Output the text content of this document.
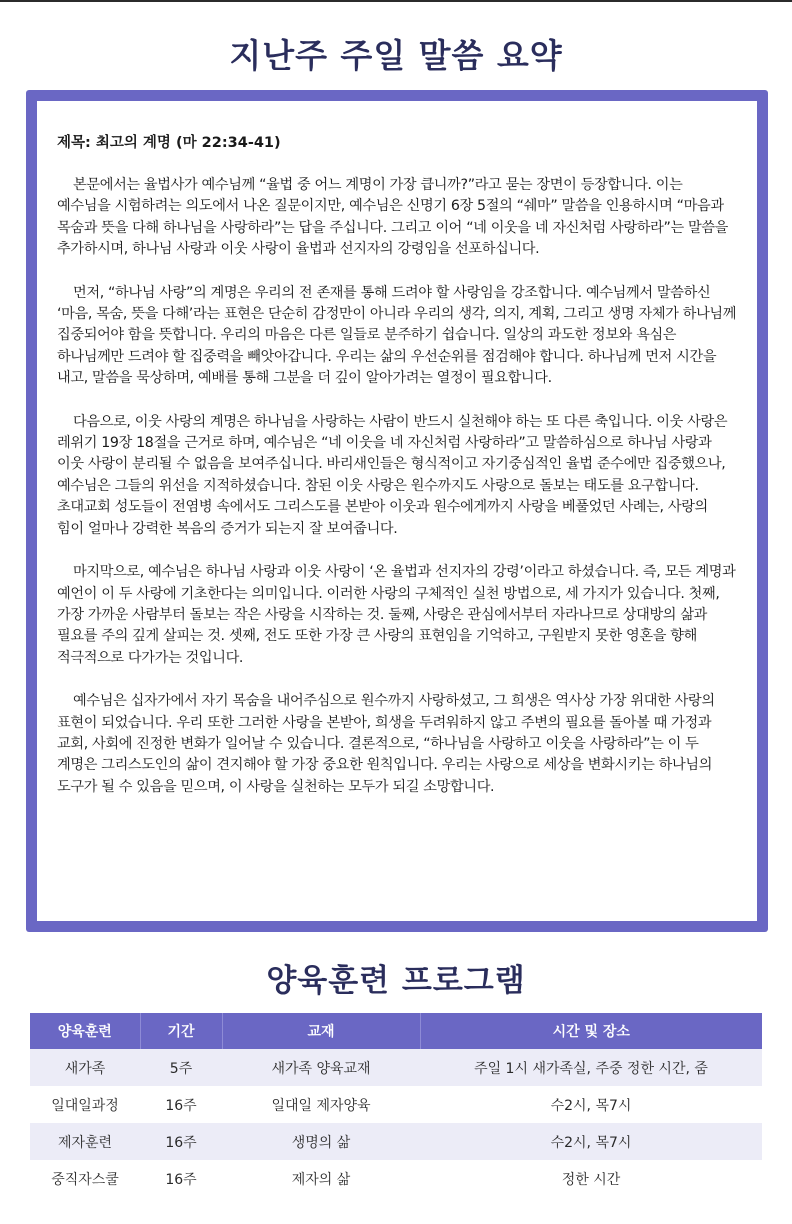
지난주 주일 말씀 요약

제목: 최고의 계명 (마 22:34-41)

본문에서는 율법사가 예수님께 “율법 중 어느 계명이 가장 큽니까?”라고 묻는 장면이 등장합니다. 이는 예수님을 시험하려는 의도에서 나온 질문이지만, 예수님은 신명기 6장 5절의 “쉐마” 말씀을 인용하시며 “마음과 목숨과 뜻을 다해 하나님을 사랑하라”는 답을 주십니다. 그리고 이어 “네 이웃을 네 자신처럼 사랑하라”는 말씀을 추가하시며, 하나님 사랑과 이웃 사랑이 율법과 선지자의 강령임을 선포하십니다.

먼저, “하나님 사랑”의 계명은 우리의 전 존재를 통해 드려야 할 사랑임을 강조합니다. 예수님께서 말씀하신 ‘마음, 목숨, 뜻을 다해’라는 표현은 단순히 감정만이 아니라 우리의 생각, 의지, 계획, 그리고 생명 자체가 하나님께 집중되어야 함을 뜻합니다. 우리의 마음은 다른 일들로 분주하기 쉽습니다. 일상의 과도한 정보와 욕심은 하나님께만 드려야 할 집중력을 빼앗아갑니다. 우리는 삶의 우선순위를 점검해야 합니다. 하나님께 먼저 시간을 내고, 말씀을 묵상하며, 예배를 통해 그분을 더 깊이 알아가려는 열정이 필요합니다.

다음으로, 이웃 사랑의 계명은 하나님을 사랑하는 사람이 반드시 실천해야 하는 또 다른 축입니다. 이웃 사랑은 레위기 19장 18절을 근거로 하며, 예수님은 “네 이웃을 네 자신처럼 사랑하라”고 말씀하심으로 하나님 사랑과 이웃 사랑이 분리될 수 없음을 보여주십니다. 바리새인들은 형식적이고 자기중심적인 율법 준수에만 집중했으나, 예수님은 그들의 위선을 지적하셨습니다. 참된 이웃 사랑은 원수까지도 사랑으로 돌보는 태도를 요구합니다. 초대교회 성도들이 전염병 속에서도 그리스도를 본받아 이웃과 원수에게까지 사랑을 베풀었던 사례는, 사랑의 힘이 얼마나 강력한 복음의 증거가 되는지 잘 보여줍니다.

마지막으로, 예수님은 하나님 사랑과 이웃 사랑이 ‘온 율법과 선지자의 강령’이라고 하셨습니다. 즉, 모든 계명과 예언이 이 두 사랑에 기초한다는 의미입니다. 이러한 사랑의 구체적인 실천 방법으로, 세 가지가 있습니다. 첫째, 가장 가까운 사람부터 돌보는 작은 사랑을 시작하는 것. 둘째, 사랑은 관심에서부터 자라나므로 상대방의 삶과 필요를 주의 깊게 살피는 것. 셋째, 전도 또한 가장 큰 사랑의 표현임을 기억하고, 구원받지 못한 영혼을 향해 적극적으로 다가가는 것입니다.

예수님은 십자가에서 자기 목숨을 내어주심으로 원수까지 사랑하셨고, 그 희생은 역사상 가장 위대한 사랑의 표현이 되었습니다. 우리 또한 그러한 사랑을 본받아, 희생을 두려워하지 않고 주변의 필요를 돌아볼 때 가정과 교회, 사회에 진정한 변화가 일어날 수 있습니다. 결론적으로, “하나님을 사랑하고 이웃을 사랑하라”는 이 두 계명은 그리스도인의 삶이 견지해야 할 가장 중요한 원칙입니다. 우리는 사랑으로 세상을 변화시키는 하나님의 도구가 될 수 있음을 믿으며, 이 사랑을 실천하는 모두가 되길 소망합니다.

양육훈련 프로그램
양육훈련	기간	교재	시간 및 장소
새가족	5주	새가족 양육교재	주일 1시 새가족실, 주중 정한 시간, 줌
일대일과정	16주	일대일 제자양육	수2시, 목7시
제자훈련	16주	생명의 삶	수2시, 목7시
중직자스쿨	16주	제자의 삶	정한 시간
